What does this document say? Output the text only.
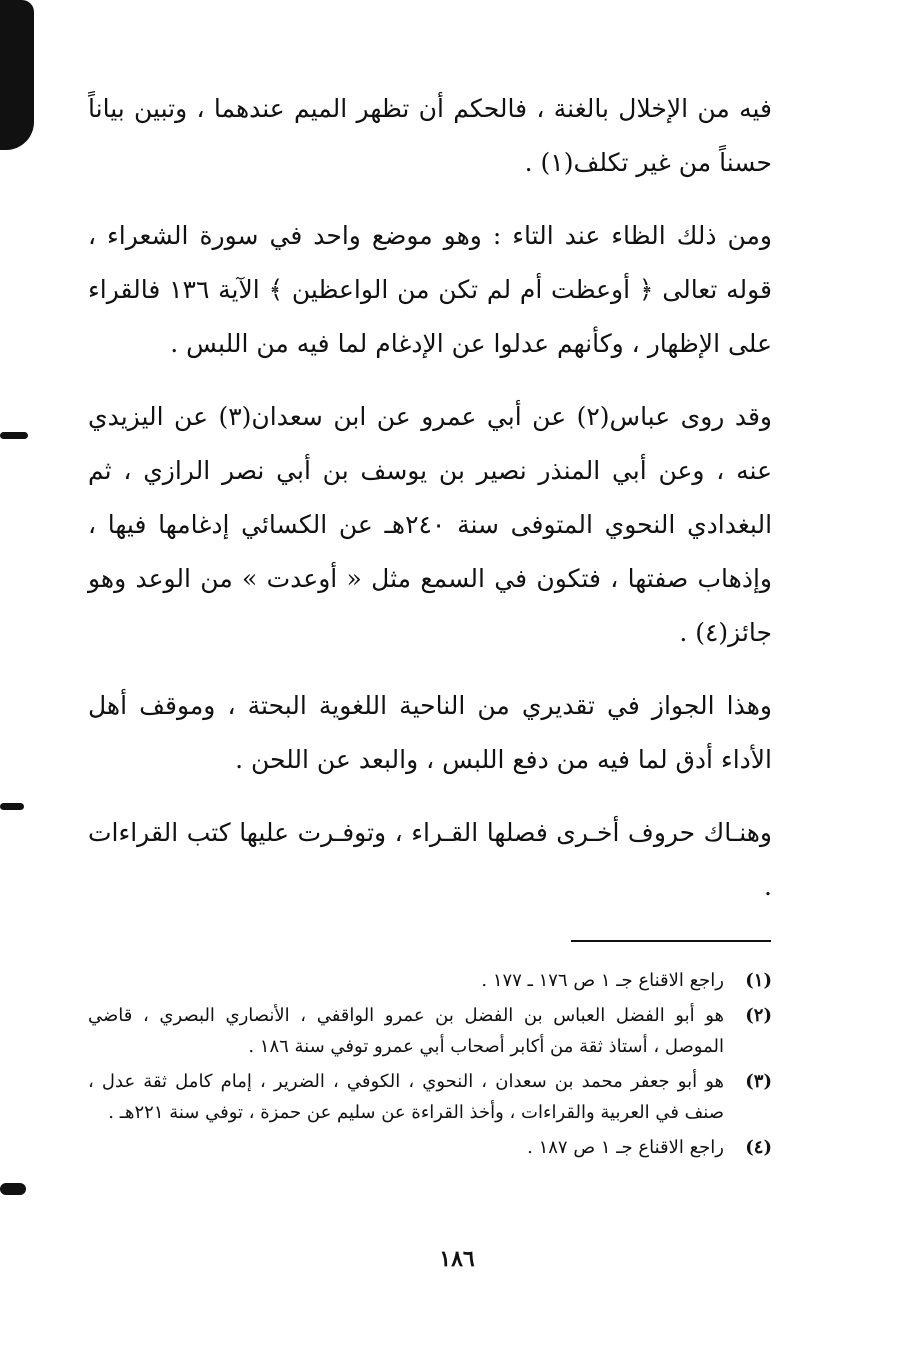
فيه من الإخلال بالغنة ، فالحكم أن تظهر الميم عندهما ، وتبين بياناً حسناً من غير تكلف(١) .

ومن ذلك الظاء عند التاء : وهو موضع واحد في سورة الشعراء ، قوله تعالى ﴿ أوعظت أم لم تكن من الواعظين ﴾ الآية ١٣٦ فالقراء على الإظهار ، وكأنهم عدلوا عن الإدغام لما فيه من اللبس .

وقد روى عباس(٢) عن أبي عمرو عن ابن سعدان(٣) عن اليزيدي عنه ، وعن أبي المنذر نصير بن يوسف بن أبي نصر الرازي ، ثم البغدادي النحوي المتوفى سنة ٢٤٠هـ عن الكسائي إدغامها فيها ، وإذهاب صفتها ، فتكون في السمع مثل « أوعدت » من الوعد وهو جائز(٤) .

وهذا الجواز في تقديري من الناحية اللغوية البحتة ، وموقف أهل الأداء أدق لما فيه من دفع اللبس ، والبعد عن اللحن .

وهنـاك حروف أخـرى فصلها القـراء ، وتوفـرت عليها كتب القراءات .

(١)
راجع الاقناع جـ ١ ص ١٧٦ ـ ١٧٧ .

(٢)
هو أبو الفضل العباس بن الفضل بن عمرو الواقفي ، الأنصاري البصري ، قاضي الموصل ، أستاذ ثقة من أكابر أصحاب أبي عمرو توفي سنة ١٨٦ .

(٣)
هو أبو جعفر محمد بن سعدان ، النحوي ، الكوفي ، الضرير ، إمام كامل ثقة عدل ، صنف في العربية والقراءات ، وأخذ القراءة عن سليم عن حمزة ، توفي سنة ٢٢١هـ .

(٤)
راجع الاقناع جـ ١ ص ١٨٧ .

١٨٦
